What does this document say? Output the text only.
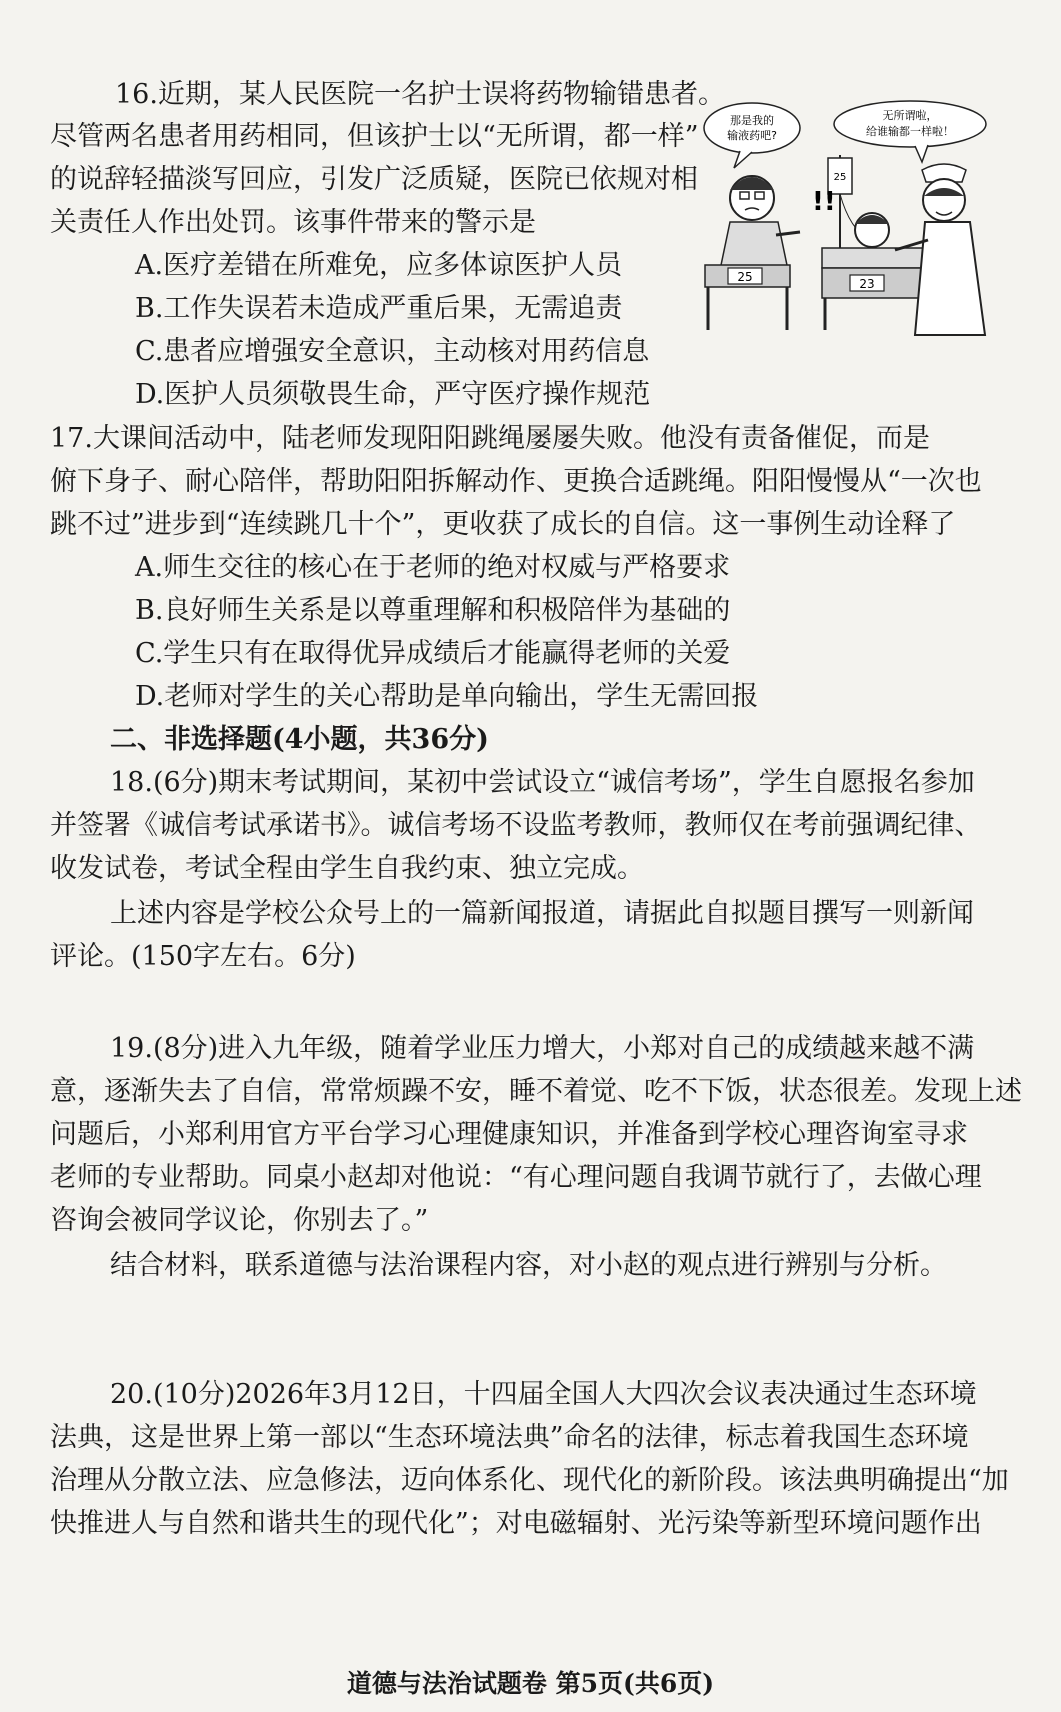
16.近期，某人民医院一名护士误将药物输错患者。
尽管两名患者用药相同，但该护士以“无所谓，都一样”
的说辞轻描淡写回应，引发广泛质疑，医院已依规对相
关责任人作出处罚。该事件带来的警示是
A.医疗差错在所难免，应多体谅医护人员
B.工作失误若未造成严重后果，无需追责
C.患者应增强安全意识，主动核对用药信息
D.医护人员须敬畏生命，严守医疗操作规范
那是我的
输液药吧?
无所谓啦，
给谁输都一样啦！
25
25
!!
23
17.大课间活动中，陆老师发现阳阳跳绳屡屡失败。他没有责备催促，而是
俯下身子、耐心陪伴，帮助阳阳拆解动作、更换合适跳绳。阳阳慢慢从“一次也
跳不过”进步到“连续跳几十个”，更收获了成长的自信。这一事例生动诠释了
A.师生交往的核心在于老师的绝对权威与严格要求
B.良好师生关系是以尊重理解和积极陪伴为基础的
C.学生只有在取得优异成绩后才能赢得老师的关爱
D.老师对学生的关心帮助是单向输出，学生无需回报
二、非选择题(4小题，共36分)
18.(6分)期末考试期间，某初中尝试设立“诚信考场”，学生自愿报名参加
并签署《诚信考试承诺书》。诚信考场不设监考教师，教师仅在考前强调纪律、
收发试卷，考试全程由学生自我约束、独立完成。
上述内容是学校公众号上的一篇新闻报道，请据此自拟题目撰写一则新闻
评论。(150字左右。6分)
19.(8分)进入九年级，随着学业压力增大，小郑对自己的成绩越来越不满
意，逐渐失去了自信，常常烦躁不安，睡不着觉、吃不下饭，状态很差。发现上述
问题后，小郑利用官方平台学习心理健康知识，并准备到学校心理咨询室寻求
老师的专业帮助。同桌小赵却对他说：“有心理问题自我调节就行了，去做心理
咨询会被同学议论，你别去了。”
结合材料，联系道德与法治课程内容，对小赵的观点进行辨别与分析。
20.(10分)2026年3月12日，十四届全国人大四次会议表决通过生态环境
法典，这是世界上第一部以“生态环境法典”命名的法律，标志着我国生态环境
治理从分散立法、应急修法，迈向体系化、现代化的新阶段。该法典明确提出“加
快推进人与自然和谐共生的现代化”；对电磁辐射、光污染等新型环境问题作出
道德与法治试题卷 第5页(共6页)
